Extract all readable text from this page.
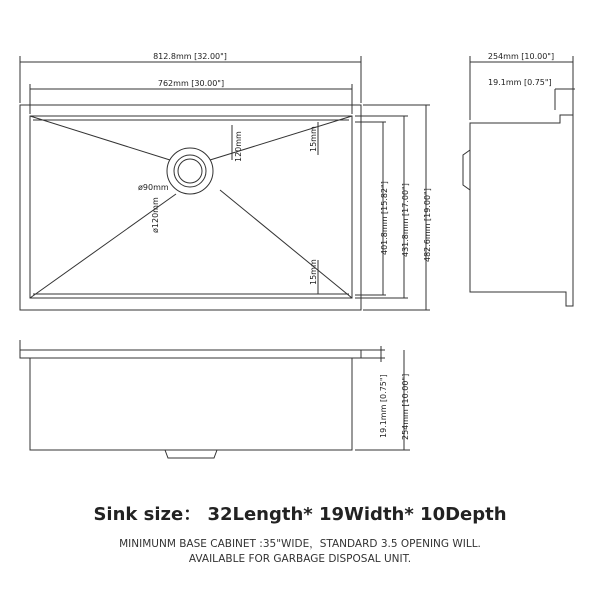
812.8mm [32.00"]
762mm [30.00"]
ø90mm
ø120mm
120mm	15mm
15mm
401.8mm [15.82"] 431.8mm [17.00"] 482.6mm [19.00"]
254mm [10.00"]
19.1mm [0.75"]
19.1mm [0.75"] 254mm [10.00"]
Sink size： 32Length* 19Width* 10Depth
MINIMUNM BASE CABINET :35"WIDE，STANDARD 3.5 OPENING WILL.
AVAILABLE FOR GARBAGE DISPOSAL UNIT.
